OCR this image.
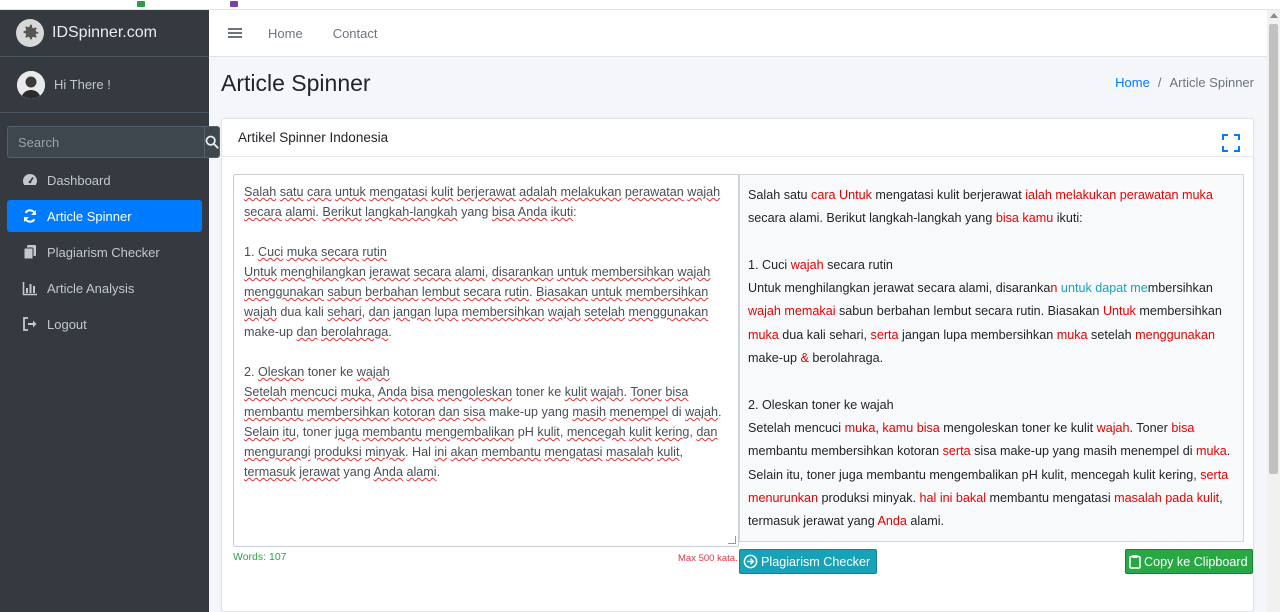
IDSpinner.com
Hi There !
Search
Dashboard
Article Spinner
Plagiarism Checker
Article Analysis
Logout
Home Contact
Article Spinner	Home / Article Spinner
Artikel Spinner Indonesia
Salah satu cara untuk mengatasi kulit berjerawat adalah melakukan perawatan wajah secara alami. Berikut langkah-langkah yang bisa Anda ikuti:

1. Cuci muka secara rutin
Untuk menghilangkan jerawat secara alami, disarankan untuk membersihkan wajah menggunakan sabun berbahan lembut secara rutin. Biasakan untuk membersihkan wajah dua kali sehari, dan jangan lupa membersihkan wajah setelah menggunakan make-up dan berolahraga.

2. Oleskan toner ke wajah
Setelah mencuci muka, Anda bisa mengoleskan toner ke kulit wajah. Toner bisa membantu membersihkan kotoran dan sisa make-up yang masih menempel di wajah. Selain itu, toner juga membantu mengembalikan pH kulit, mencegah kulit kering, dan mengurangi produksi minyak. Hal ini akan membantu mengatasi masalah kulit, termasuk jerawat yang Anda alami.
Salah satu cara Untuk mengatasi kulit berjerawat ialah melakukan perawatan muka secara alami. Berikut langkah-langkah yang bisa kamu ikuti:

1. Cuci wajah secara rutin
Untuk menghilangkan jerawat secara alami, disarankan untuk dapat membersihkan wajah memakai sabun berbahan lembut secara rutin. Biasakan Untuk membersihkan muka dua kali sehari, serta jangan lupa membersihkan muka setelah menggunakan make-up & berolahraga.

2. Oleskan toner ke wajah
Setelah mencuci muka, kamu bisa mengoleskan toner ke kulit wajah. Toner bisa membantu membersihkan kotoran serta sisa make-up yang masih menempel di muka. Selain itu, toner juga membantu mengembalikan pH kulit, mencegah kulit kering, serta menurunkan produksi minyak. hal ini bakal membantu mengatasi masalah pada kulit, termasuk jerawat yang Anda alami.
Words: 107	Max 500 kata. Plagiarism Checker	Copy ke Clipboard
